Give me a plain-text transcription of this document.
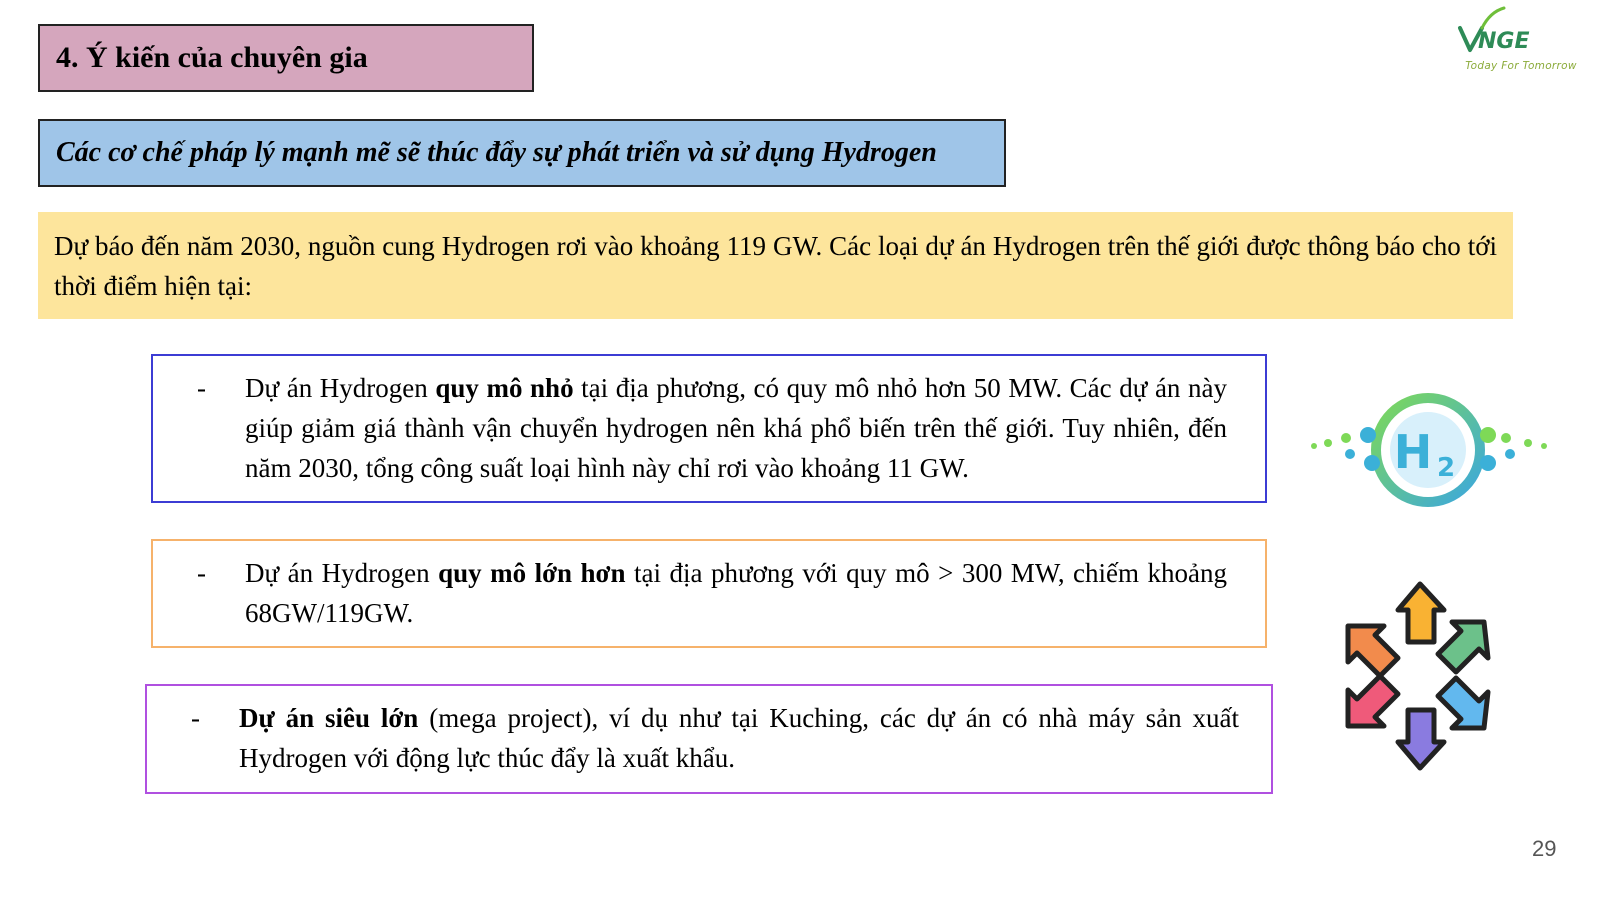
NGE
Today For Tomorrow
4. Ý kiến của chuyên gia
Các cơ chế pháp lý mạnh mẽ sẽ thúc đẩy sự phát triển và sử dụng Hydrogen
Dự báo đến năm 2030, nguồn cung Hydrogen rơi vào khoảng 119 GW. Các loại dự án Hydrogen trên thế giới được thông báo cho tới thời điểm hiện tại:
- Dự án Hydrogen quy mô nhỏ tại địa phương, có quy mô nhỏ hơn 50 MW. Các dự án này giúp giảm giá thành vận chuyển hydrogen nên khá phổ biến trên thế giới. Tuy nhiên, đến năm 2030, tổng công suất loại hình này chỉ rơi vào khoảng 11 GW.
- Dự án Hydrogen quy mô lớn hơn tại địa phương với quy mô > 300 MW, chiếm khoảng 68GW/119GW.
- Dự án siêu lớn (mega project), ví dụ như tại Kuching, các dự án có nhà máy sản xuất Hydrogen với động lực thúc đẩy là xuất khẩu.
H 2
29
